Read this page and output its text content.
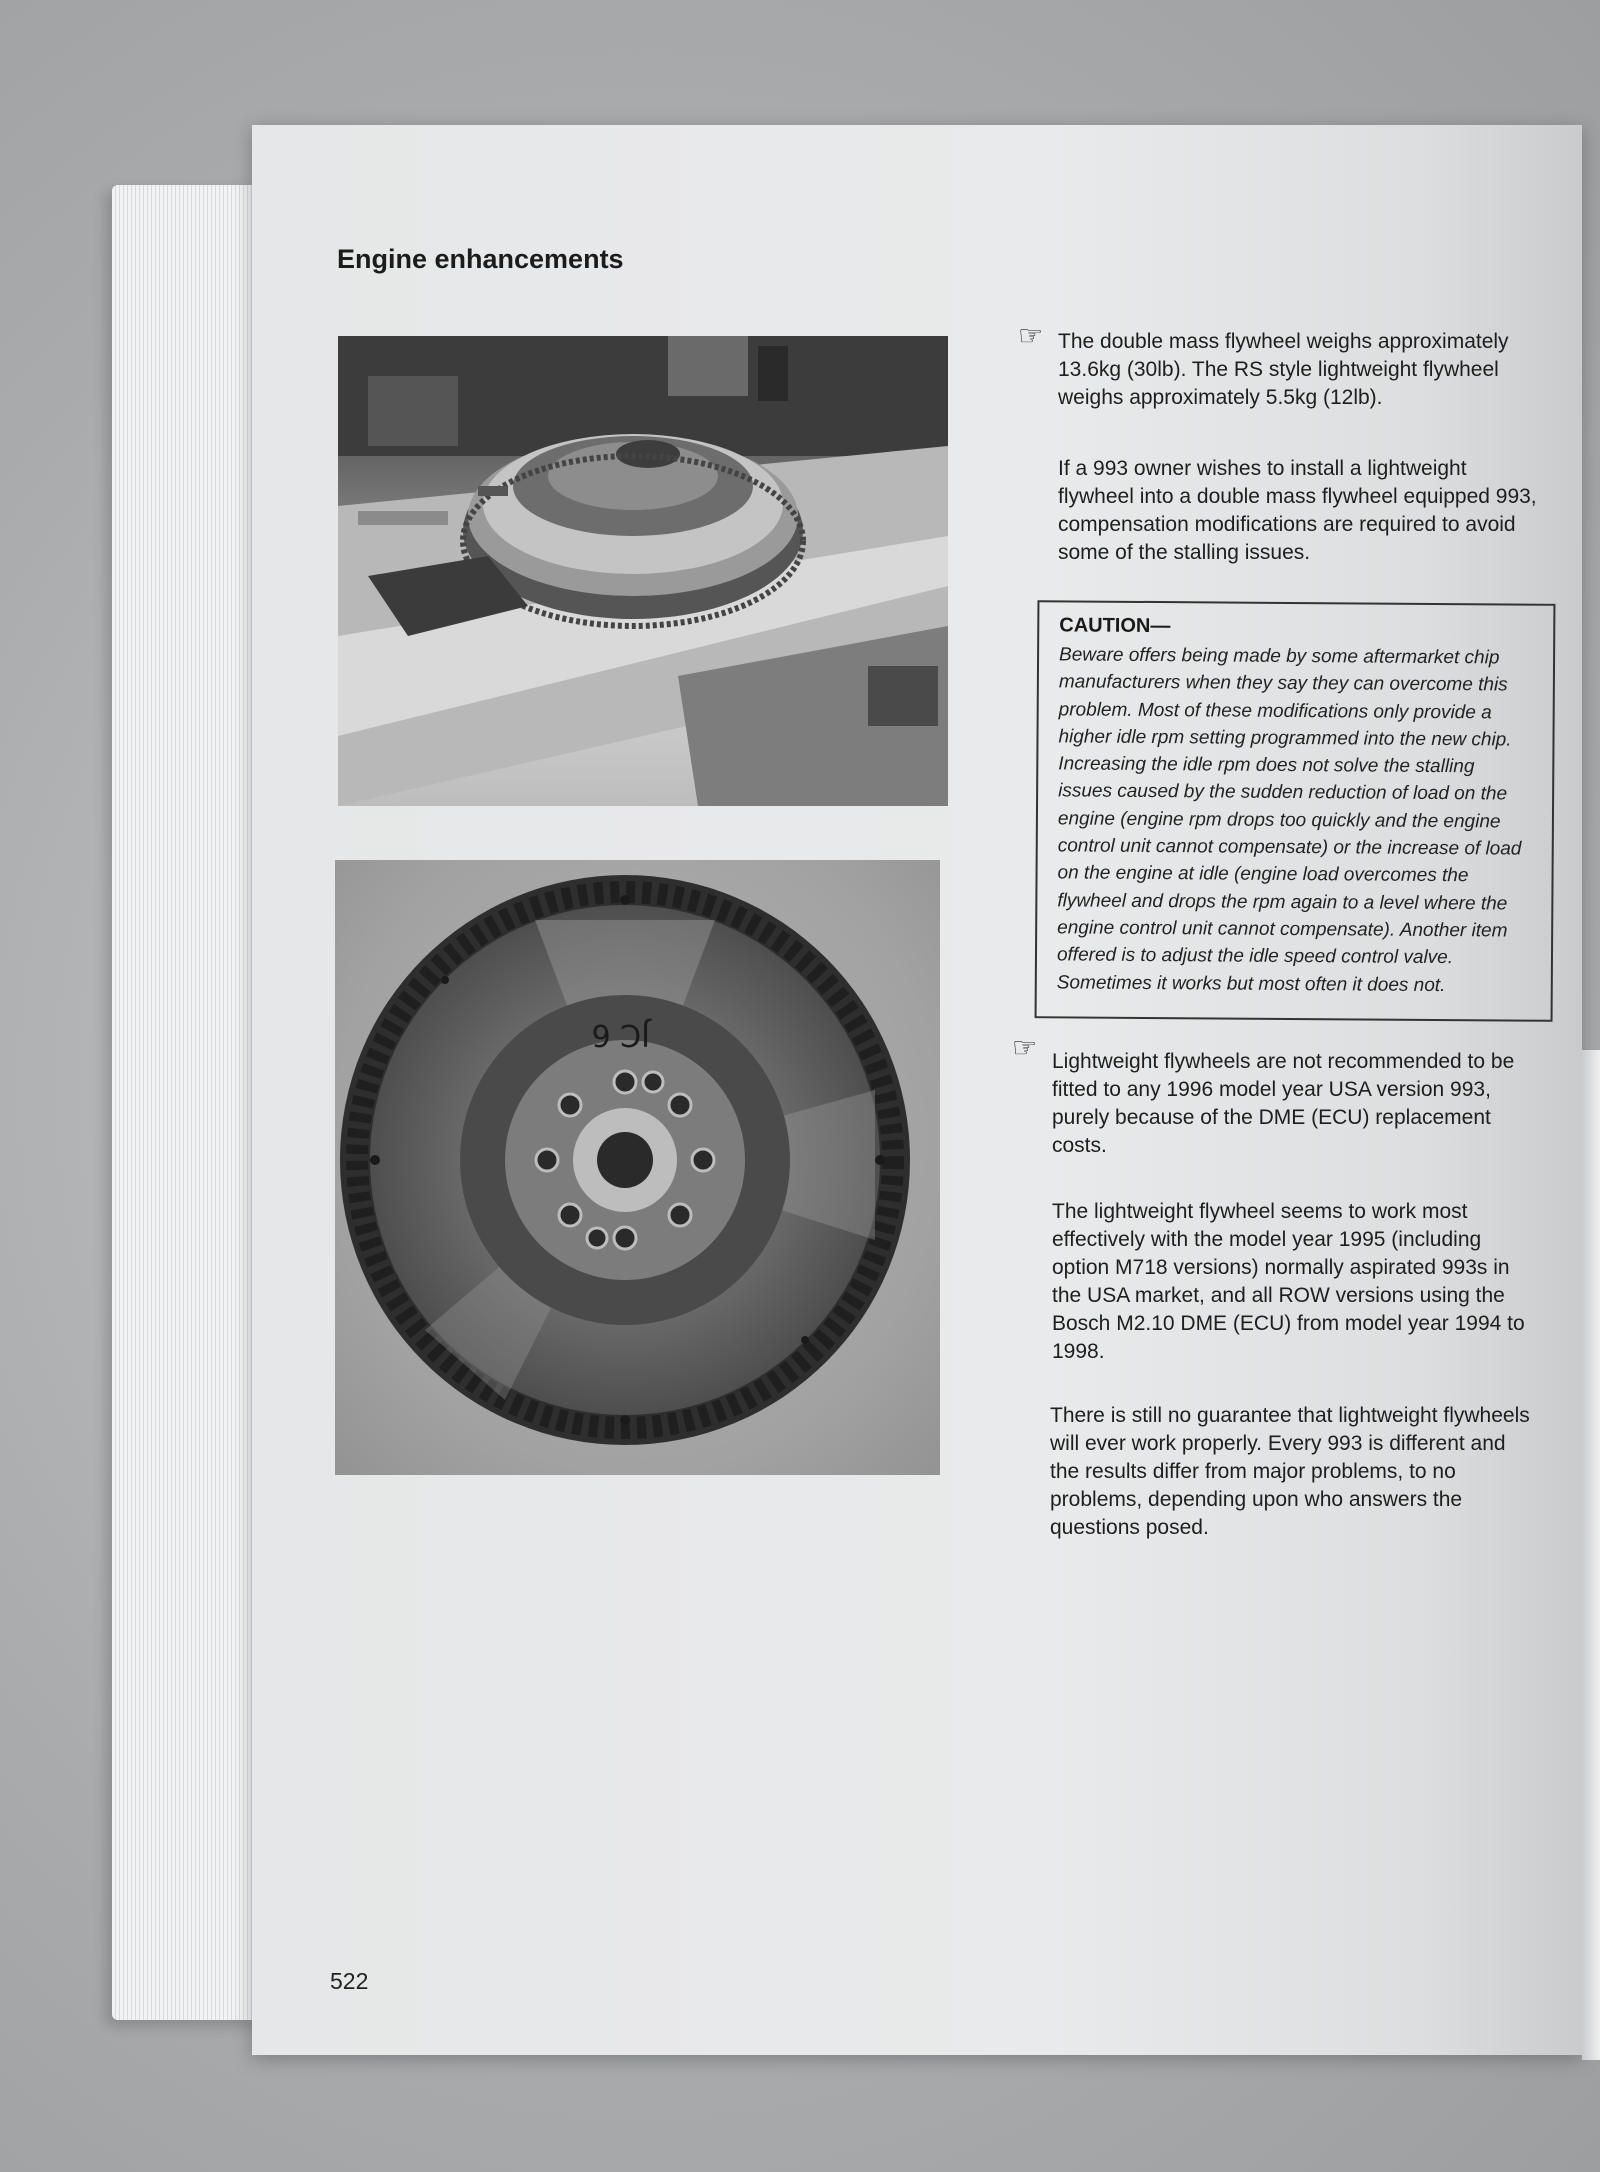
Engine enhancements
JC 6
☞ The double mass flywheel weighs approximately 13.6kg (30lb). The RS style lightweight flywheel weighs approximately 5.5kg (12lb).

If a 993 owner wishes to install a lightweight flywheel into a double mass flywheel equipped 993, compensation modifications are required to avoid some of the stalling issues.

CAUTION—

Beware offers being made by some aftermarket chip manufacturers when they say they can overcome this problem. Most of these modifications only provide a higher idle rpm setting programmed into the new chip. Increasing the idle rpm does not solve the stalling issues caused by the sudden reduction of load on the engine (engine rpm drops too quickly and the engine control unit cannot compensate) or the increase of load on the engine at idle (engine load overcomes the flywheel and drops the rpm again to a level where the engine control unit cannot compensate). Another item offered is to adjust the idle speed control valve. Sometimes it works but most often it does not.

☞ Lightweight flywheels are not recommended to be fitted to any 1996 model year USA version 993, purely because of the DME (ECU) replacement costs.

The lightweight flywheel seems to work most effectively with the model year 1995 (including option M718 versions) normally aspirated 993s in the USA market, and all ROW versions using the Bosch M2.10 DME (ECU) from model year 1994 to 1998.

There is still no guarantee that lightweight flywheels will ever work properly. Every 993 is different and the results differ from major problems, to no problems, depending upon who answers the questions posed.

522
